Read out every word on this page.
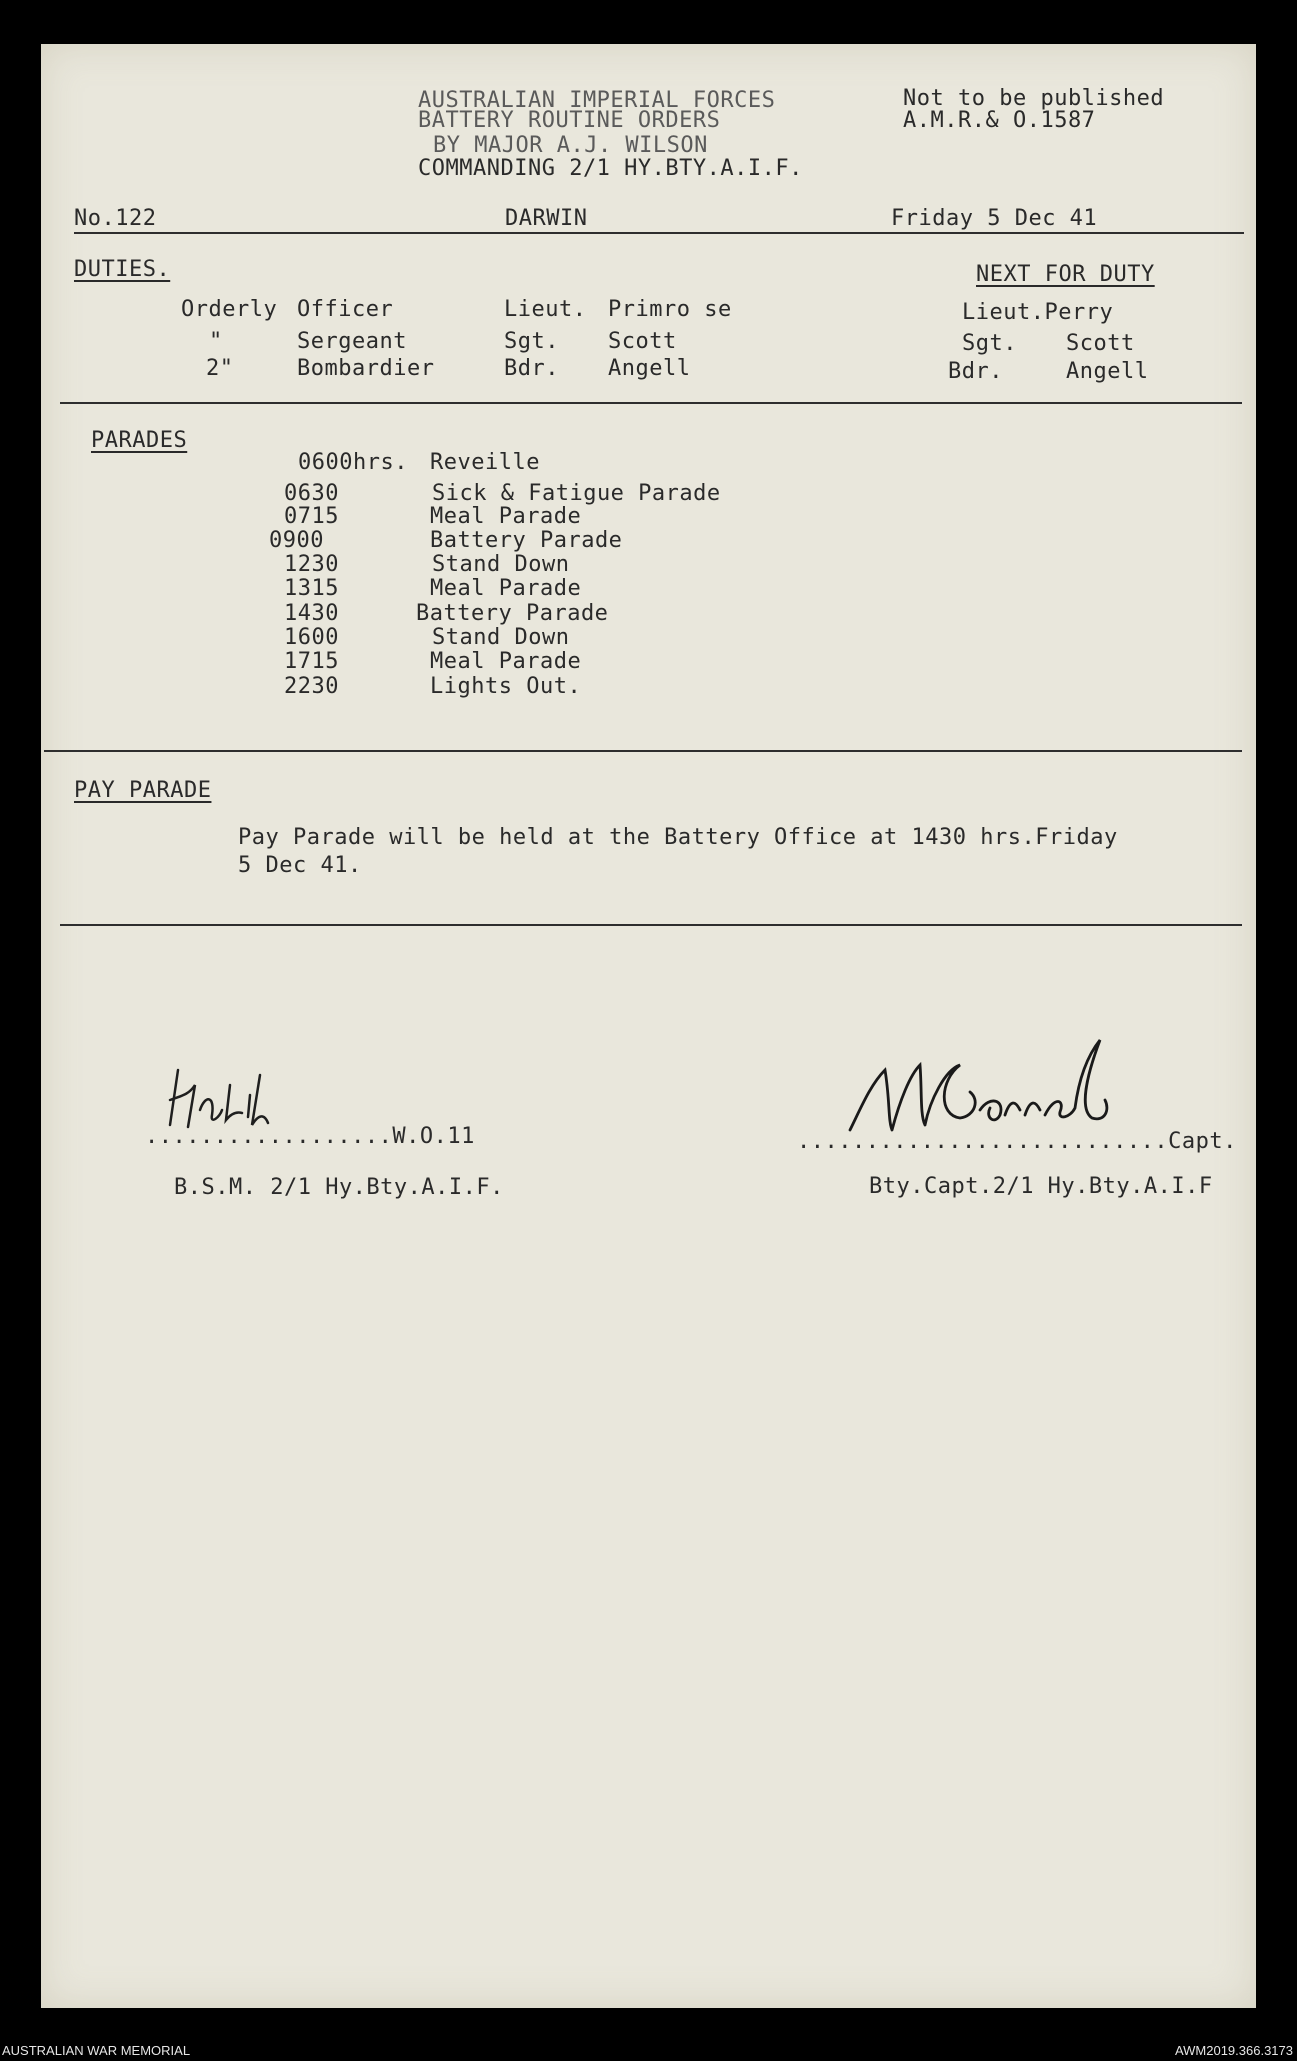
AUSTRALIAN IMPERIAL FORCES
BATTERY ROUTINE ORDERS
BY MAJOR A.J. WILSON
COMMANDING 2/1 HY.BTY.A.I.F.
Not to be published
A.M.R.& O.1587
No.122	DARWIN	Friday 5 Dec 41
DUTIES.	NEXT FOR DUTY
Orderly Officer	Lieut. Primro se	Lieut.Perry
"	Sergeant	Sgt. Scott	Sgt. Scott
2"	Bombardier	Bdr. Angell	Bdr.	Angell
PARADES
0600hrs. Reveille
0630	Sick & Fatigue Parade
0715	Meal Parade
0900	Battery Parade
1230	Stand Down
1315	Meal Parade
1430	Battery Parade
1600	Stand Down
1715	Meal Parade
2230	Lights Out.
PAY PARADE
Pay Parade will be held at the Battery Office at 1430 hrs.Friday
5 Dec 41.
..................W.O.11
B.S.M. 2/1 Hy.Bty.A.I.F.
...........................Capt.
Bty.Capt.2/1 Hy.Bty.A.I.F
AUSTRALIAN WAR MEMORIAL	AWM2019.366.3173
